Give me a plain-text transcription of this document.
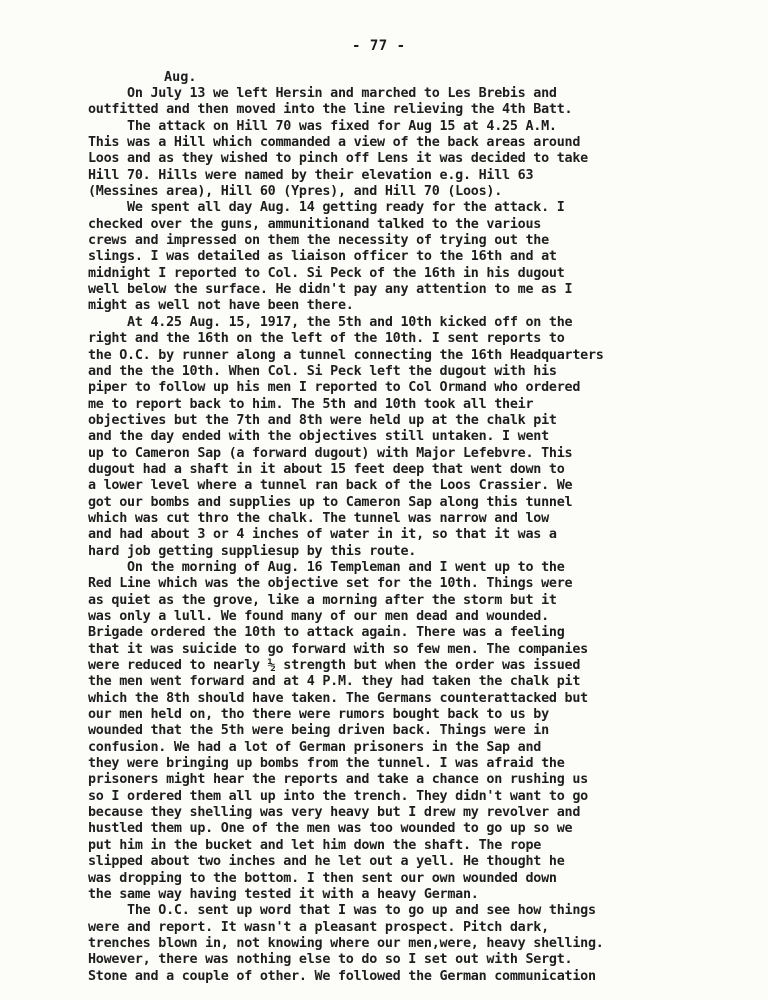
- 77 -
Aug.
On July 13 we left Hersin and marched to Les Brebis and
outfitted and then moved into the line relieving the 4th Batt.
The attack on Hill 70 was fixed for Aug 15 at 4.25 A.M.
This was a Hill which commanded a view of the back areas around
Loos and as they wished to pinch off Lens it was decided to take
Hill 70. Hills were named by their elevation e.g. Hill 63
(Messines area), Hill 60 (Ypres), and Hill 70 (Loos).
We spent all day Aug. 14 getting ready for the attack. I
checked over the guns, ammunitionand talked to the various
crews and impressed on them the necessity of trying out the
slings. I was detailed as liaison officer to the 16th and at
midnight I reported to Col. Si Peck of the 16th in his dugout
well below the surface. He didn't pay any attention to me as I
might as well not have been there.
At 4.25 Aug. 15, 1917, the 5th and 10th kicked off on the
right and the 16th on the left of the 10th. I sent reports to
the O.C. by runner along a tunnel connecting the 16th Headquarters
and the the 10th. When Col. Si Peck left the dugout with his
piper to follow up his men I reported to Col Ormand who ordered
me to report back to him. The 5th and 10th took all their
objectives but the 7th and 8th were held up at the chalk pit
and the day ended with the objectives still untaken. I went
up to Cameron Sap (a forward dugout) with Major Lefebvre. This
dugout had a shaft in it about 15 feet deep that went down to
a lower level where a tunnel ran back of the Loos Crassier. We
got our bombs and supplies up to Cameron Sap along this tunnel
which was cut thro the chalk. The tunnel was narrow and low
and had about 3 or 4 inches of water in it, so that it was a
hard job getting suppliesup by this route.
On the morning of Aug. 16 Templeman and I went up to the
Red Line which was the objective set for the 10th. Things were
as quiet as the grove, like a morning after the storm but it
was only a lull. We found many of our men dead and wounded.
Brigade ordered the 10th to attack again. There was a feeling
that it was suicide to go forward with so few men. The companies
were reduced to nearly ½ strength but when the order was issued
the men went forward and at 4 P.M. they had taken the chalk pit
which the 8th should have taken. The Germans counterattacked but
our men held on, tho there were rumors bought back to us by
wounded that the 5th were being driven back. Things were in
confusion. We had a lot of German prisoners in the Sap and
they were bringing up bombs from the tunnel. I was afraid the
prisoners might hear the reports and take a chance on rushing us
so I ordered them all up into the trench. They didn't want to go
because they shelling was very heavy but I drew my revolver and
hustled them up. One of the men was too wounded to go up so we
put him in the bucket and let him down the shaft. The rope
slipped about two inches and he let out a yell. He thought he
was dropping to the bottom. I then sent our own wounded down
the same way having tested it with a heavy German.
The O.C. sent up word that I was to go up and see how things
were and report. It wasn't a pleasant prospect. Pitch dark,
trenches blown in, not knowing where our men,were, heavy shelling.
However, there was nothing else to do so I set out with Sergt.
Stone and a couple of other. We followed the German communication
